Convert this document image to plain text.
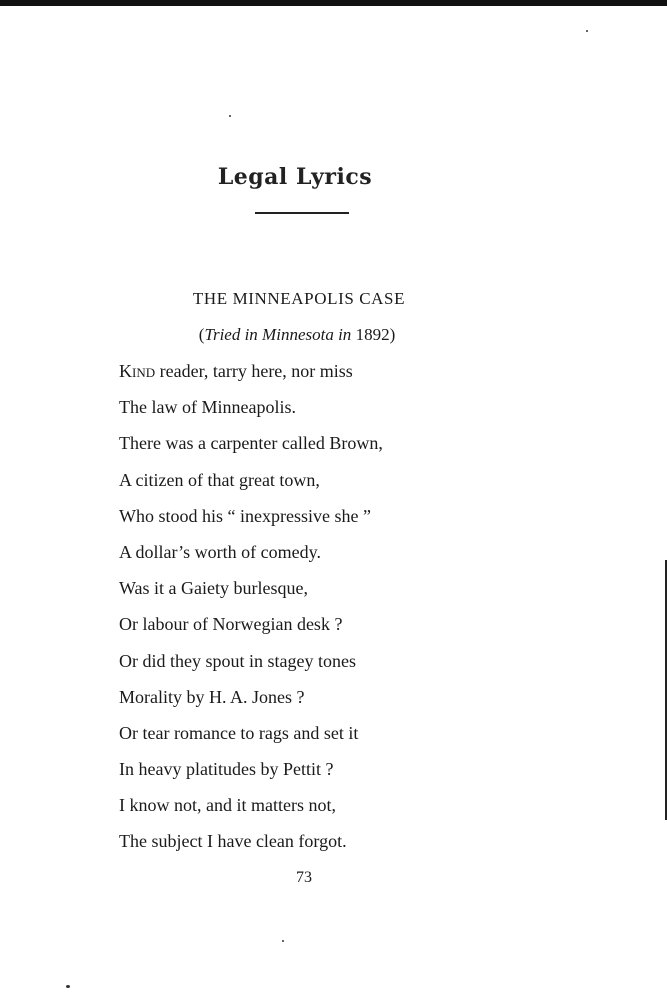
Legal Lyrics
THE MINNEAPOLIS CASE
(Tried in Minnesota in 1892)
Kind reader, tarry here, nor miss
The law of Minneapolis.
There was a carpenter called Brown,
A citizen of that great town,
Who stood his “ inexpressive she ”
A dollar’s worth of comedy.
Was it a Gaiety burlesque,
Or labour of Norwegian desk ?
Or did they spout in stagey tones
Morality by H. A. Jones ?
Or tear romance to rags and set it
In heavy platitudes by Pettit ?
I know not, and it matters not,
The subject I have clean forgot.
73
